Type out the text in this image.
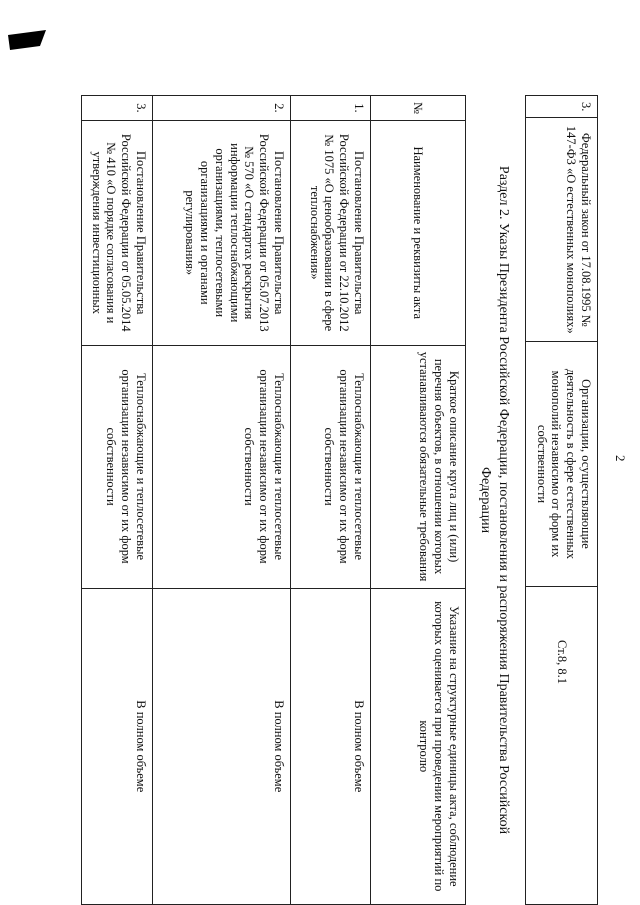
2
3.	Федеральный закон от 17.08.1995 № 147-ФЗ «О естественных монополиях»	Организации, осуществляющие деятельность в сфере естественных монополий независимо от форм их собственности	Ст.8, 8.1	
Раздел 2. Указы Президента Российской Федерации, постановления и распоряжения Правительства Российской Федерации
№	Наименование и реквизиты акта	Краткое описание круга лиц и (или) перечня объектов, в отношении которых устанавливаются обязательные требования	Указание на структурные единицы акта, соблюдение которых оценивается при проведении мероприятий по контролю
1.	Постановление Правительства Российской Федерации от 22.10.2012 № 1075 «О ценообразовании в сфере теплоснабжения»	Теплоснабжающие и теплосетевые организации независимо от их форм собственности	В полном объеме
2.	Постановление Правительства Российской Федерации от 05.07.2013 № 570 «О стандартах раскрытия информации теплоснабжающими организациями, теплосетевыми организациями и органами регулирования»	Теплоснабжающие и теплосетевые организации независимо от их форм собственности	В полном объеме

3.	Постановление Правительства Российской Федерации от 05.05.2014 № 410 «О порядке согласования и утверждения инвестиционных	Теплоснабжающие и теплосетевые организации независимо от их форм собственности	В полном объеме
